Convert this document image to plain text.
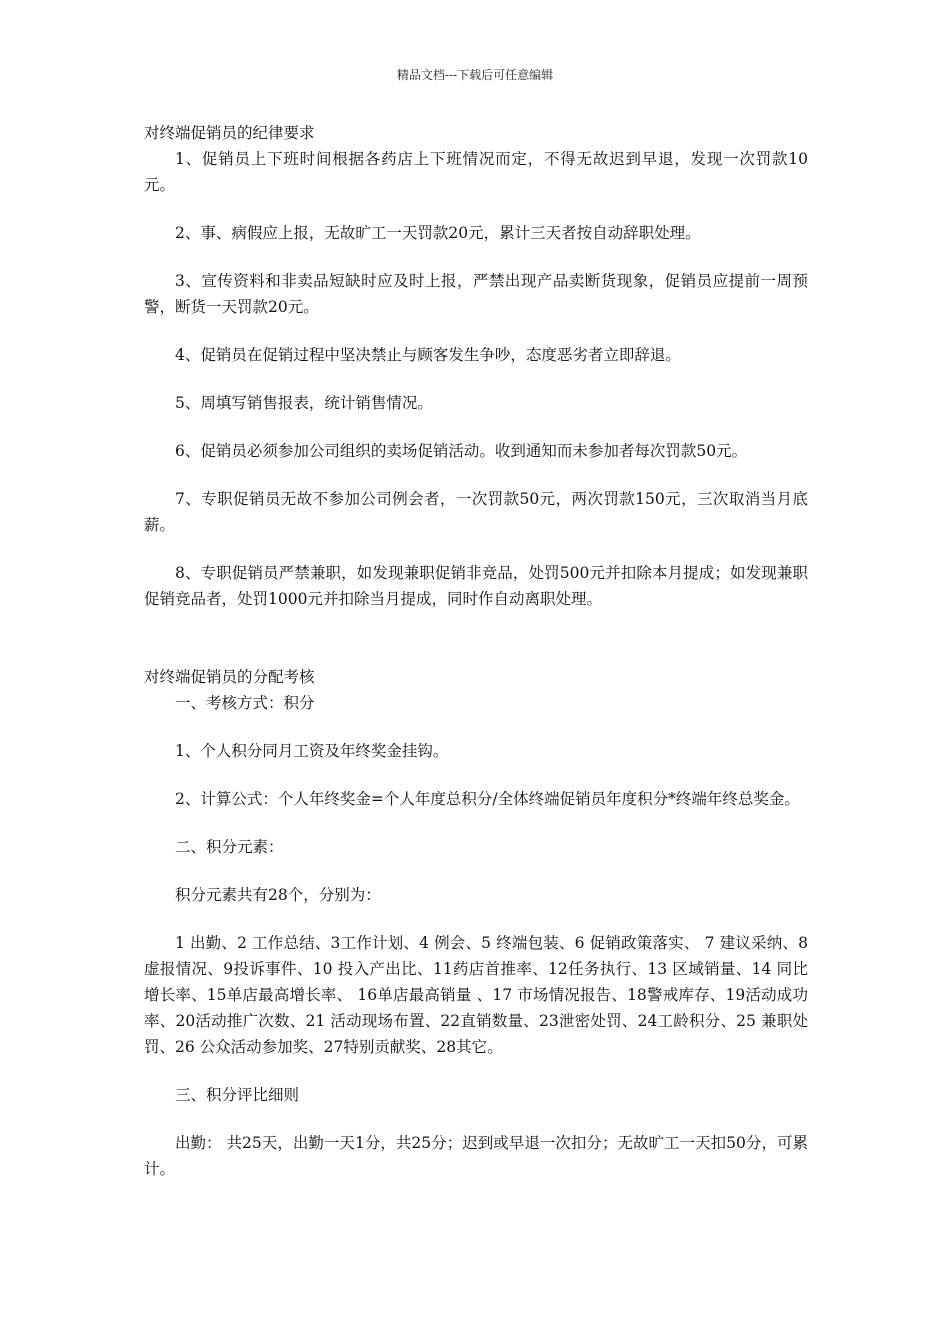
精品文档---下载后可任意编辑

对终端促销员的纪律要求

1、促销员上下班时间根据各药店上下班情况而定，不得无故迟到早退，发现一次罚款10元。

2、事、病假应上报，无故旷工一天罚款20元，累计三天者按自动辞职处理。

3、宣传资料和非卖品短缺时应及时上报，严禁出现产品卖断货现象，促销员应提前一周预警，断货一天罚款20元。

4、促销员在促销过程中坚决禁止与顾客发生争吵，态度恶劣者立即辞退。

5、周填写销售报表，统计销售情况。

6、促销员必须参加公司组织的卖场促销活动。收到通知而未参加者每次罚款50元。

7、专职促销员无故不参加公司例会者，一次罚款50元，两次罚款150元，三次取消当月底薪。

8、专职促销员严禁兼职，如发现兼职促销非竞品，处罚500元并扣除本月提成；如发现兼职促销竞品者，处罚1000元并扣除当月提成，同时作自动离职处理。

对终端促销员的分配考核

一、考核方式：积分

1、个人积分同月工资及年终奖金挂钩。

2、计算公式：个人年终奖金=个人年度总积分/全体终端促销员年度积分*终端年终总奖金。

二、积分元素：

积分元素共有28个，分别为：

1 出勤、2 工作总结、3工作计划、4 例会、5 终端包装、6 促销政策落实、 7 建议采纳、8虚报情况、9投诉事件、10 投入产出比、11药店首推率、12任务执行、13 区域销量、14 同比增长率、15单店最高增长率、 16单店最高销量 、17 市场情况报告、18警戒库存、19活动成功率、20活动推广次数、21 活动现场布置、22直销数量、23泄密处罚、24工龄积分、25 兼职处罚、26 公众活动参加奖、27特别贡献奖、28其它。

三、积分评比细则

出勤： 共25天，出勤一天1分，共25分；迟到或早退一次扣分；无故旷工一天扣50分，可累计。
